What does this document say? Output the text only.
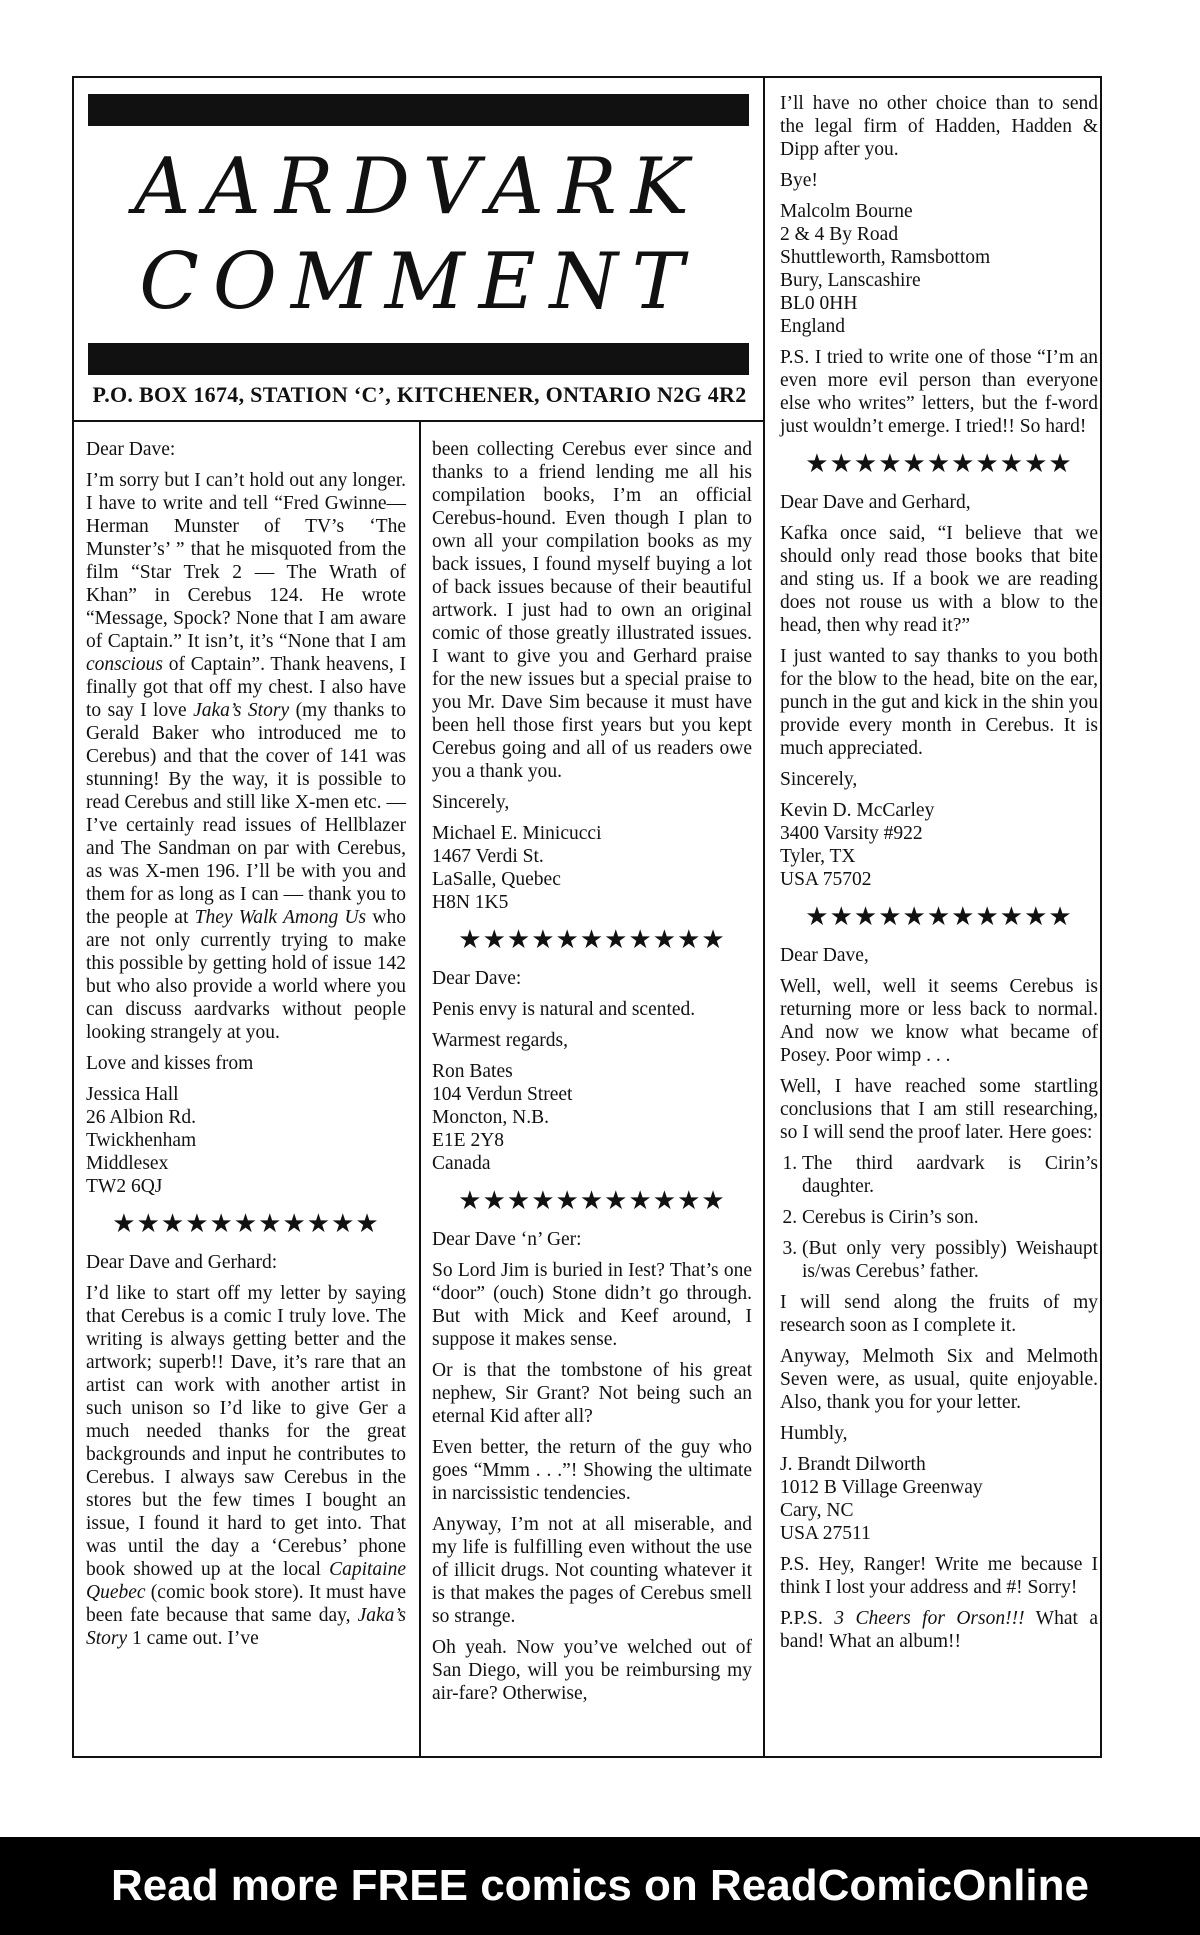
AARDVARK
COMMENT
P.O. BOX 1674, STATION ‘C’, KITCHENER, ONTARIO N2G 4R2

Dear Dave:

I’m sorry but I can’t hold out any longer. I have to write and tell “Fred Gwinne—Herman Munster of TV’s ‘The Munster’s’ ” that he misquoted from the film “Star Trek 2 — The Wrath of Khan” in Cerebus 124. He wrote “Message, Spock? None that I am aware of Captain.” It isn’t, it’s “None that I am conscious of Captain”. Thank heavens, I finally got that off my chest. I also have to say I love Jaka’s Story (my thanks to Gerald Baker who introduced me to Cerebus) and that the cover of 141 was stunning! By the way, it is possible to read Cerebus and still like X-men etc. — I’ve certainly read issues of Hellblazer and The Sandman on par with Cerebus, as was X-men 196. I’ll be with you and them for as long as I can — thank you to the people at They Walk Among Us who are not only currently trying to make this possible by getting hold of issue 142 but who also provide a world where you can discuss aardvarks without people looking strangely at you.

Love and kisses from

Jessica Hall
26 Albion Rd.
Twickhenham
Middlesex
TW2 6QJ

★★★★★★★★★★★

Dear Dave and Gerhard:

I’d like to start off my letter by saying that Cerebus is a comic I truly love. The writing is always getting better and the artwork; superb!! Dave, it’s rare that an artist can work with another artist in such unison so I’d like to give Ger a much needed thanks for the great backgrounds and input he contributes to Cerebus. I always saw Cerebus in the stores but the few times I bought an issue, I found it hard to get into. That was until the day a ‘Cerebus’ phone book showed up at the local Capitaine Quebec (comic book store). It must have been fate because that same day, Jaka’s Story 1 came out. I’ve

been collecting Cerebus ever since and thanks to a friend lending me all his compilation books, I’m an official Cerebus-hound. Even though I plan to own all your compilation books as my back issues, I found myself buying a lot of back issues because of their beautiful artwork. I just had to own an original comic of those greatly illustrated issues. I want to give you and Gerhard praise for the new issues but a special praise to you Mr. Dave Sim because it must have been hell those first years but you kept Cerebus going and all of us readers owe you a thank you.

Sincerely,

Michael E. Minicucci
1467 Verdi St.
LaSalle, Quebec
H8N 1K5

★★★★★★★★★★★

Dear Dave:

Penis envy is natural and scented.

Warmest regards,

Ron Bates
104 Verdun Street
Moncton, N.B.
E1E 2Y8
Canada

★★★★★★★★★★★

Dear Dave ‘n’ Ger:

So Lord Jim is buried in Iest? That’s one “door” (ouch) Stone didn’t go through. But with Mick and Keef around, I suppose it makes sense.

Or is that the tombstone of his great nephew, Sir Grant? Not being such an eternal Kid after all?

Even better, the return of the guy who goes “Mmm . . .”! Showing the ultimate in narcissistic tendencies.

Anyway, I’m not at all miserable, and my life is fulfilling even without the use of illicit drugs. Not counting whatever it is that makes the pages of Cerebus smell so strange.

Oh yeah. Now you’ve welched out of San Diego, will you be reimbursing my air-fare? Otherwise,

I’ll have no other choice than to send the legal firm of Hadden, Hadden & Dipp after you.

Bye!

Malcolm Bourne
2 & 4 By Road
Shuttleworth, Ramsbottom
Bury, Lanscashire
BL0 0HH
England

P.S. I tried to write one of those “I’m an even more evil person than everyone else who writes” letters, but the f-word just wouldn’t emerge. I tried!! So hard!

★★★★★★★★★★★

Dear Dave and Gerhard,

Kafka once said, “I believe that we should only read those books that bite and sting us. If a book we are reading does not rouse us with a blow to the head, then why read it?”

I just wanted to say thanks to you both for the blow to the head, bite on the ear, punch in the gut and kick in the shin you provide every month in Cerebus. It is much appreciated.

Sincerely,

Kevin D. McCarley
3400 Varsity #922
Tyler, TX
USA 75702

★★★★★★★★★★★

Dear Dave,

Well, well, well it seems Cerebus is returning more or less back to normal. And now we know what became of Posey. Poor wimp . . .

Well, I have reached some startling conclusions that I am still researching, so I will send the proof later. Here goes:

1. The third aardvark is Cirin’s daughter.
2. Cerebus is Cirin’s son.
3. (But only very possibly) Weishaupt is/was Cerebus’ father.

I will send along the fruits of my research soon as I complete it.

Anyway, Melmoth Six and Melmoth Seven were, as usual, quite enjoyable. Also, thank you for your letter.

Humbly,

J. Brandt Dilworth
1012 B Village Greenway
Cary, NC
USA 27511

P.S. Hey, Ranger! Write me because I think I lost your address and #! Sorry!

P.P.S. 3 Cheers for Orson!!! What a band! What an album!!

Read more FREE comics on ReadComicOnline
